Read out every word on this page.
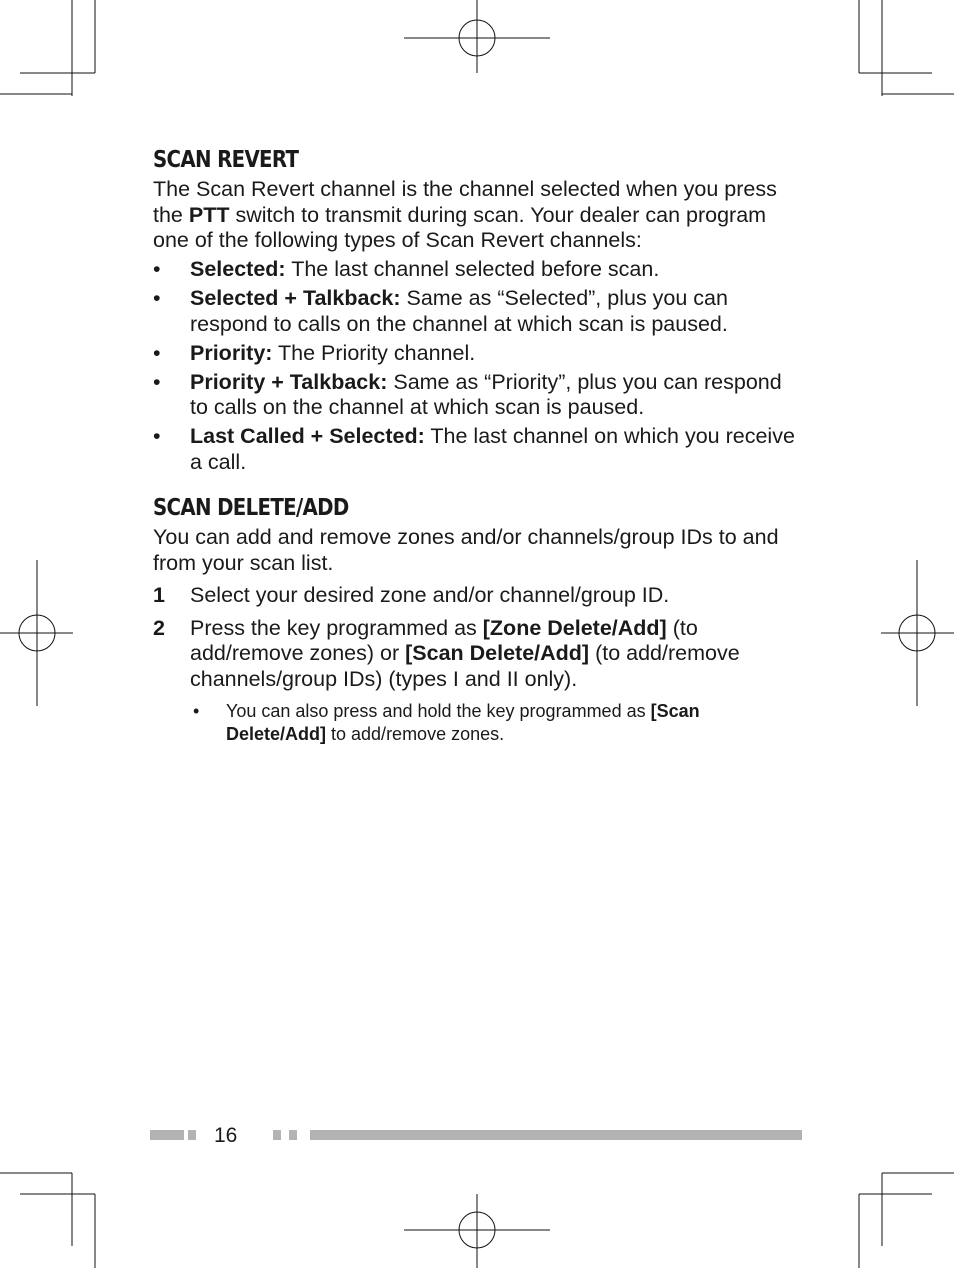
SCAN REVERT

The Scan Revert channel is the channel selected when you press the PTT switch to transmit during scan. Your dealer can program one of the following types of Scan Revert channels:

• Selected: The last channel selected before scan.
• Selected + Talkback: Same as “Selected”, plus you can respond to calls on the channel at which scan is paused.
• Priority: The Priority channel.
• Priority + Talkback: Same as “Priority”, plus you can respond to calls on the channel at which scan is paused.
• Last Called + Selected: The last channel on which you receive a call.
SCAN DELETE/ADD

You can add and remove zones and/or channels/group IDs to and from your scan list.

1 Select your desired zone and/or channel/group ID.
2 Press the key programmed as [Zone Delete/Add] (to add/remove zones) or [Scan Delete/Add] (to add/remove channels/group IDs) (types I and II only).
• You can also press and hold the key programmed as [Scan Delete/Add] to add/remove zones.
16
